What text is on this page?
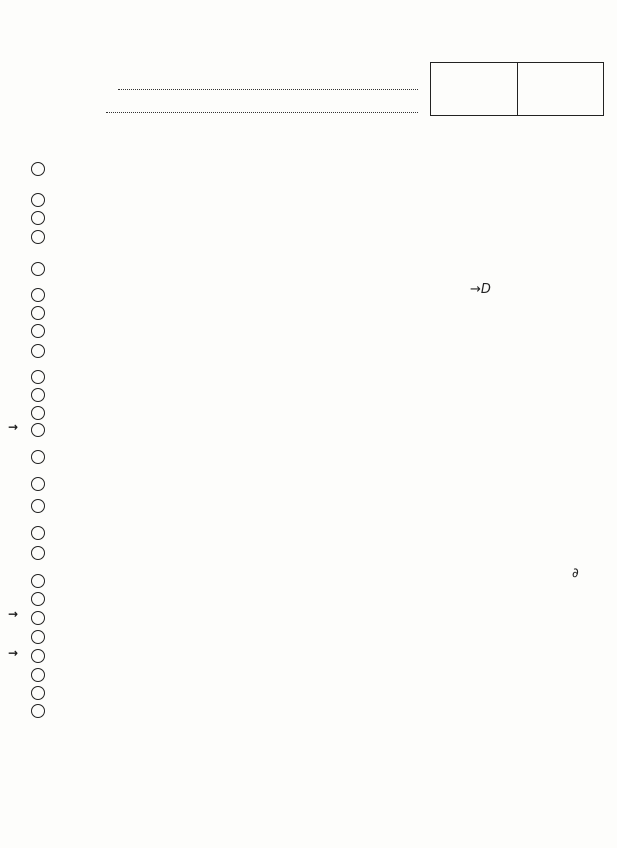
→D
→
∂
→
→
